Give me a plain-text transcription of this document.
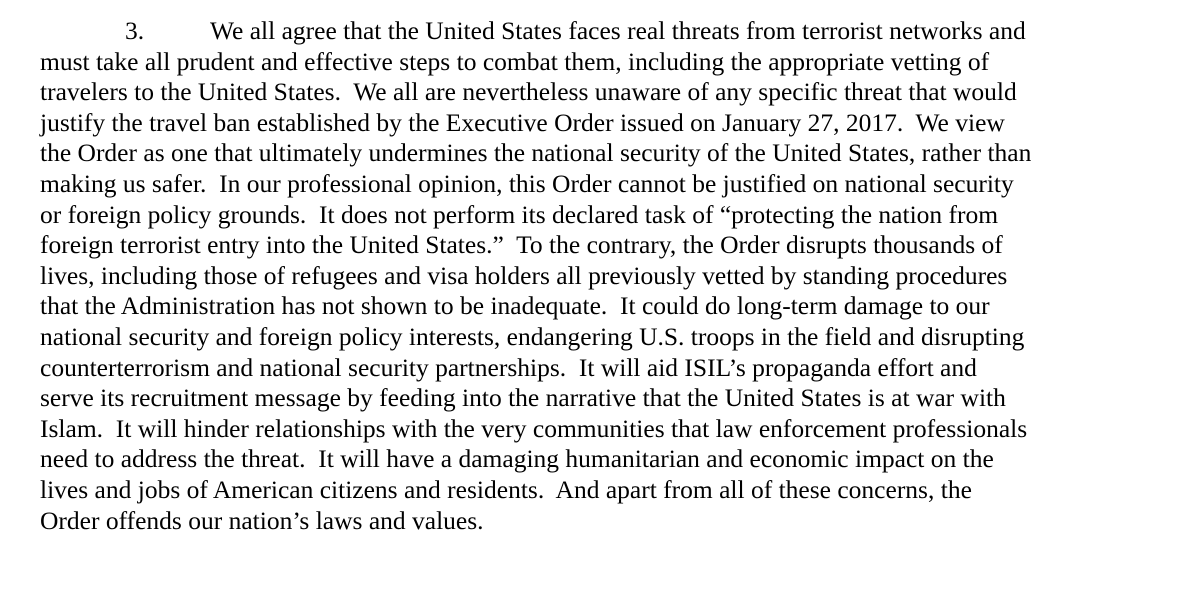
3.	We all agree that the United States faces real threats from terrorist networks and
must take all prudent and effective steps to combat them, including the appropriate vetting of
travelers to the United States.  We all are nevertheless unaware of any specific threat that would
justify the travel ban established by the Executive Order issued on January 27, 2017.  We view
the Order as one that ultimately undermines the national security of the United States, rather than
making us safer.  In our professional opinion, this Order cannot be justified on national security
or foreign policy grounds.  It does not perform its declared task of “protecting the nation from
foreign terrorist entry into the United States.”  To the contrary, the Order disrupts thousands of
lives, including those of refugees and visa holders all previously vetted by standing procedures
that the Administration has not shown to be inadequate.  It could do long-term damage to our
national security and foreign policy interests, endangering U.S. troops in the field and disrupting
counterterrorism and national security partnerships.  It will aid ISIL’s propaganda effort and
serve its recruitment message by feeding into the narrative that the United States is at war with
Islam.  It will hinder relationships with the very communities that law enforcement professionals
need to address the threat.  It will have a damaging humanitarian and economic impact on the
lives and jobs of American citizens and residents.  And apart from all of these concerns, the
Order offends our nation’s laws and values.
